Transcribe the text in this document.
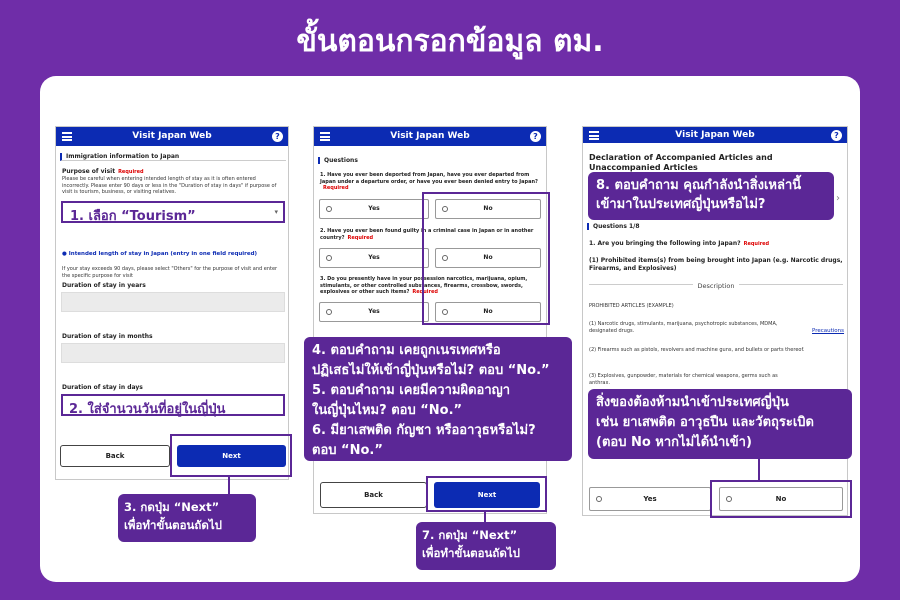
ขั้นตอนกรอกข้อมูล ตม.
Visit Japan Web	?
Immigration information to Japan
Purpose of visit Required
Please be careful when entering intended length of stay as it is often entered incorrectly. Please enter 90 days or less in the "Duration of stay in days" if purpose of visit is tourism, business, or visiting relatives.
1. เลือก “Tourism”	▾
● Intended length of stay in Japan (entry in one field required)
If your stay exceeds 90 days, please select "Others" for the purpose of visit and enter the specific purpose for visit
Duration of stay in years
Duration of stay in months
Duration of stay in days
2. ใส่จำนวนวันที่อยู่ในญี่ปุ่น
Back	Next
3. กดปุ่ม “Next”
เพื่อทำขั้นตอนถัดไป
Visit Japan Web	?
Questions
1. Have you ever been deported from Japan, have you ever departed from Japan under a departure order, or have you ever been denied entry to Japan?Required
Yes	No
2. Have you ever been found guilty in a criminal case in Japan or in another country? Required
Yes	No
3. Do you presently have in your possession narcotics, marijuana, opium, stimulants, or other controlled substances, firearms, crossbow, swords, explosives or other such items? Required
Yes	No
Back	Next
4. ตอบคำถาม เคยถูกเนรเทศหรือ
ปฏิเสธไม่ให้เข้าญี่ปุ่นหรือไม่? ตอบ “No.”
5. ตอบคำถาม เคยมีความผิดอาญา
ในญี่ปุ่นไหม? ตอบ “No.”
6. มียาเสพติด กัญชา หรืออาวุธหรือไม่?
ตอบ “No.”
7. กดปุ่ม “Next”
เพื่อทำขั้นตอนถัดไป
Visit Japan Web	?
Declaration of Accompanied Articles and Unaccompanied Articles
Questions 1/8
1. Are you bringing the following into Japan? Required
(1) Prohibited items(s) from being brought into Japan (e.g. Narcotic drugs, Firearms, and Explosives)
Description
PROHIBITED ARTICLES (EXAMPLE)
(1) Narcotic drugs, stimulants, marijuana, psychotropic substances, MDMA, designated drugs.	Precautions
(2) Firearms such as pistols, revolvers and machine guns, and bullets or parts thereof.
(3) Explosives, gunpowder, materials for chemical weapons, germs such as anthrax.
Yes	No
8. ตอบคำถาม คุณกำลังนำสิ่งเหล่านี้
เข้ามาในประเทศญี่ปุ่นหรือไม่?	›
สิ่งของต้องห้ามนำเข้าประเทศญี่ปุ่น
เช่น ยาเสพติด อาวุธปืน และวัตถุระเบิด
(ตอบ No หากไม่ได้นำเข้า)
